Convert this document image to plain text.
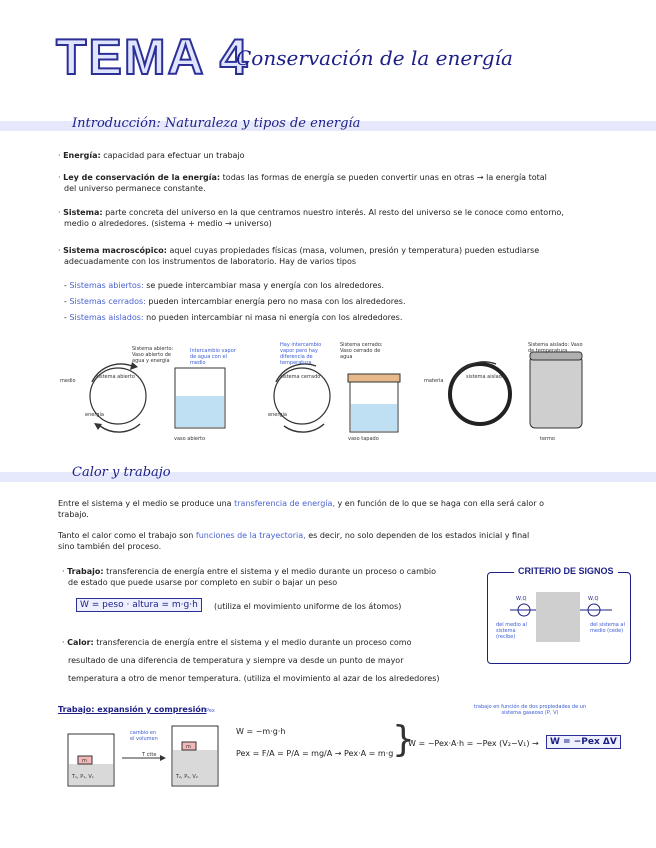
TEMA 4
Conservación de la energía
Introducción: Naturaleza y tipos de energía
· Energía: capacidad para efectuar un trabajo
· Ley de conservación de la energía: todas las formas de energía se pueden convertir unas en otras → la energía total
del universo permanece constante.
· Sistema: parte concreta del universo en la que centramos nuestro interés. Al resto del universo se le conoce como entorno,
medio o alrededores. (sistema + medio → universo)
· Sistema macroscópico: aquel cuyas propiedades físicas (masa, volumen, presión y temperatura) pueden estudiarse
adecuadamente con los instrumentos de laboratorio. Hay de varios tipos
- Sistemas abiertos: se puede intercambiar masa y energía con los alrededores.
- Sistemas cerrados: pueden intercambiar energía pero no masa con los alrededores.
- Sistemas aislados: no pueden intercambiar ni masa ni energía con los alrededores.
sistema abierto
medio
energía
Sistema abierto: Vaso abierto de agua y energía
Intercambio vapor de agua con el medio
vaso abierto
sistema cerrado
energía
Hay intercambio vapor pero hay diferencia de temperatura
Sistema cerrado: Vaso cerrado de agua
vaso tapado
sistema aislado
materia
Sistema aislado: Vaso de temperatura
termo
Calor y trabajo
Entre el sistema y el medio se produce una transferencia de energía, y en función de lo que se haga con ella será calor o
trabajo.
Tanto el calor como el trabajo son funciones de la trayectoria, es decir, no solo dependen de los estados inicial y final
sino también del proceso.
· Trabajo: transferencia de energía entre el sistema y el medio durante un proceso o cambio
de estado que puede usarse por completo en subir o bajar un peso
W = peso · altura = m·g·h	(utiliza el movimiento uniforme de los átomos)
· Calor: transferencia de energía entre el sistema y el medio durante un proceso como
resultado de una diferencia de temperatura y siempre va desde un punto de mayor
temperatura a otro de menor temperatura. (utiliza el movimiento al azar de los alrededores)
CRITERIO DE SIGNOS
W,Q	W,Q
del medio al sistema (recibe)
del sistema al medio (cede)
Trabajo: expansión y compresión	trabajo en función de dos propiedades de un sistema gaseoso (P, V)
m
m
T₁, P₁, V₁	T₂, P₂, V₂
cambio en el volumen
T ctte
Pex
W = −m·g·h
Pex = F/A = P/A = mg/A → Pex·A = m·g
}
W = −Pex·A·h = −Pex (V₂−V₁) →	W = −Pex ΔV
